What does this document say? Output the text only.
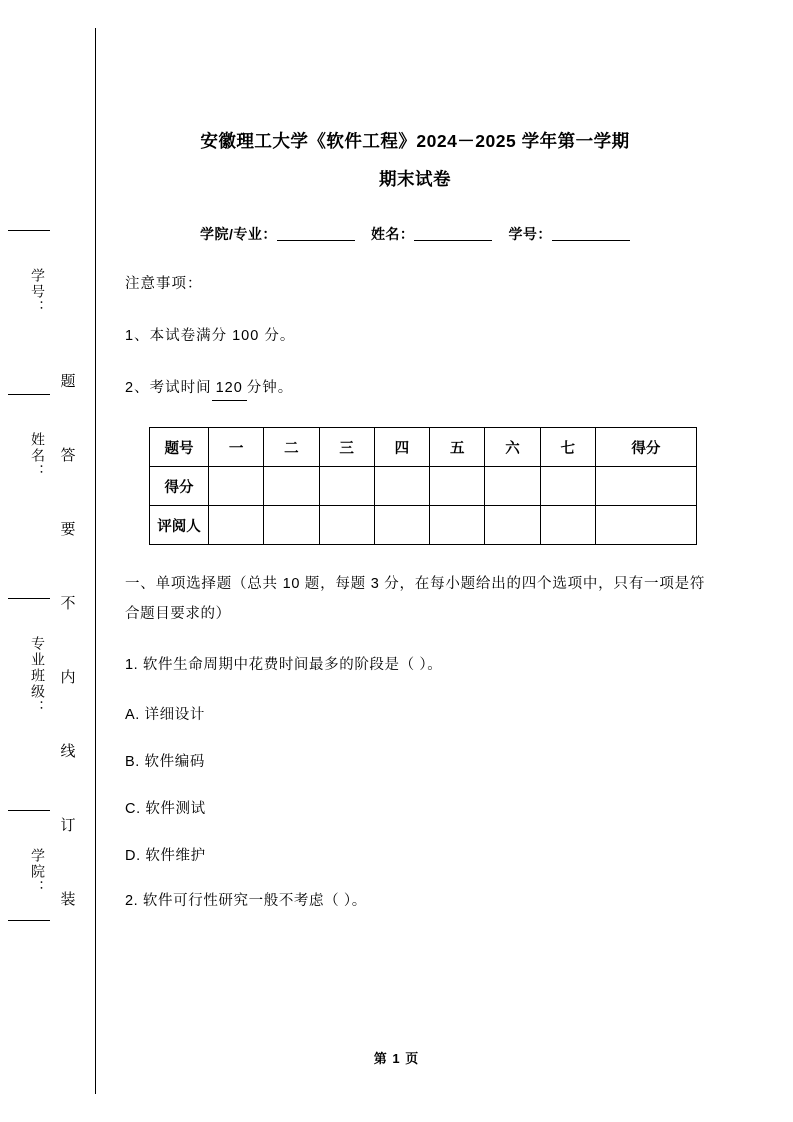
学号：
姓名：
专业班级：
学院：
题
答
要
不
内
线
订
装
安徽理工大学《软件工程》2024－2025 学年第一学期
期末试卷
学院/专业：	姓名：	学号：
注意事项：
1、本试卷满分 100 分。
2、考试时间 120 分钟。
题号	一	二	三	四	五	六	七	得分
得分								
评阅人								
一、单项选择题（总共 10 题，每题 3 分，在每小题给出的四个选项中，只有一项是符合题目要求的）
1. 软件生命周期中花费时间最多的阶段是（ ）。
A. 详细设计
B. 软件编码
C. 软件测试
D. 软件维护
2. 软件可行性研究一般不考虑（ ）。
第 1 页
